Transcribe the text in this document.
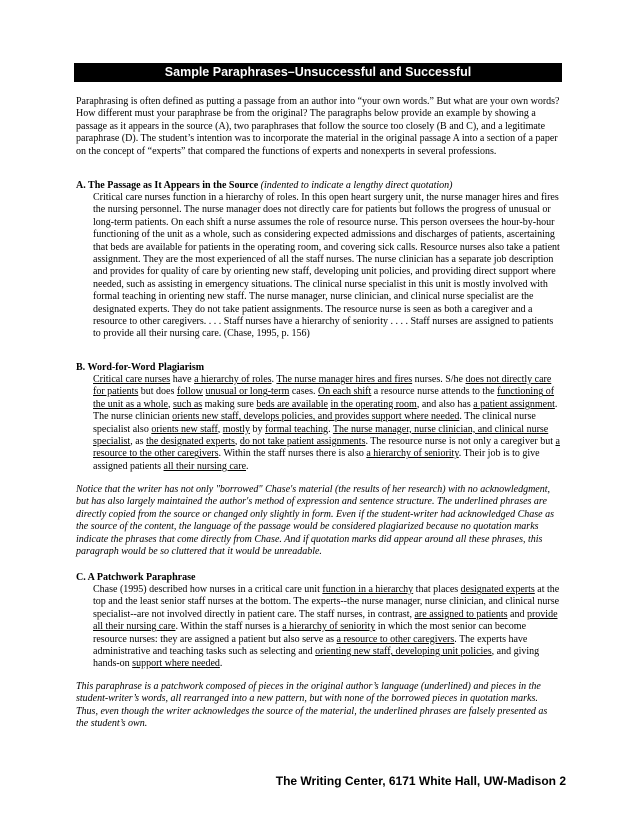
Sample Paraphrases–Unsuccessful and Successful
Paraphrasing is often defined as putting a passage from an author into “your own words.” But what are your own words? How different must your paraphrase be from the original? The paragraphs below provide an example by showing a passage as it appears in the source (A), two paraphrases that follow the source too closely (B and C), and a legitimate paraphrase (D). The student’s intention was to incorporate the material in the original passage A into a section of a paper on the concept of “experts” that compared the functions of experts and nonexperts in several professions.
A. The Passage as It Appears in the Source (indented to indicate a lengthy direct quotation)
Critical care nurses function in a hierarchy of roles. In this open heart surgery unit, the nurse manager hires and fires the nursing personnel. The nurse manager does not directly care for patients but follows the progress of unusual or long-term patients. On each shift a nurse assumes the role of resource nurse. This person oversees the hour-by-hour functioning of the unit as a whole, such as considering expected admissions and discharges of patients, ascertaining that beds are available for patients in the operating room, and covering sick calls. Resource nurses also take a patient assignment. They are the most experienced of all the staff nurses. The nurse clinician has a separate job description and provides for quality of care by orienting new staff, developing unit policies, and providing direct support where needed, such as assisting in emergency situations. The clinical nurse specialist in this unit is mostly involved with formal teaching in orienting new staff. The nurse manager, nurse clinician, and clinical nurse specialist are the designated experts. They do not take patient assignments. The resource nurse is seen as both a caregiver and a resource to other caregivers. . . . Staff nurses have a hierarchy of seniority . . . . Staff nurses are assigned to patients to provide all their nursing care. (Chase, 1995, p. 156)
B. Word-for-Word Plagiarism
Critical care nurses have a hierarchy of roles. The nurse manager hires and fires nurses. S/he does not directly care for patients but does follow unusual or long-term cases. On each shift a resource nurse attends to the functioning of the unit as a whole, such as making sure beds are available in the operating room, and also has a patient assignment. The nurse clinician orients new staff, develops policies, and provides support where needed. The clinical nurse specialist also orients new staff, mostly by formal teaching. The nurse manager, nurse clinician, and clinical nurse specialist, as the designated experts, do not take patient assignments. The resource nurse is not only a caregiver but a resource to the other caregivers. Within the staff nurses there is also a hierarchy of seniority. Their job is to give assigned patients all their nursing care.
Notice that the writer has not only "borrowed" Chase's material (the results of her research) with no acknowledgment, but has also largely maintained the author's method of expression and sentence structure. The underlined phrases are directly copied from the source or changed only slightly in form. Even if the student-writer had acknowledged Chase as the source of the content, the language of the passage would be considered plagiarized because no quotation marks indicate the phrases that come directly from Chase. And if quotation marks did appear around all these phrases, this paragraph would be so cluttered that it would be unreadable.
C. A Patchwork Paraphrase
Chase (1995) described how nurses in a critical care unit function in a hierarchy that places designated experts at the top and the least senior staff nurses at the bottom. The experts--the nurse manager, nurse clinician, and clinical nurse specialist--are not involved directly in patient care. The staff nurses, in contrast, are assigned to patients and provide all their nursing care. Within the staff nurses is a hierarchy of seniority in which the most senior can become resource nurses: they are assigned a patient but also serve as a resource to other caregivers. The experts have administrative and teaching tasks such as selecting and orienting new staff, developing unit policies, and giving hands-on support where needed.
This paraphrase is a patchwork composed of pieces in the original author’s language (underlined) and pieces in the student-writer’s words, all rearranged into a new pattern, but with none of the borrowed pieces in quotation marks. Thus, even though the writer acknowledges the source of the material, the underlined phrases are falsely presented as the student’s own.
The Writing Center, 6171 White Hall, UW-Madison 2
